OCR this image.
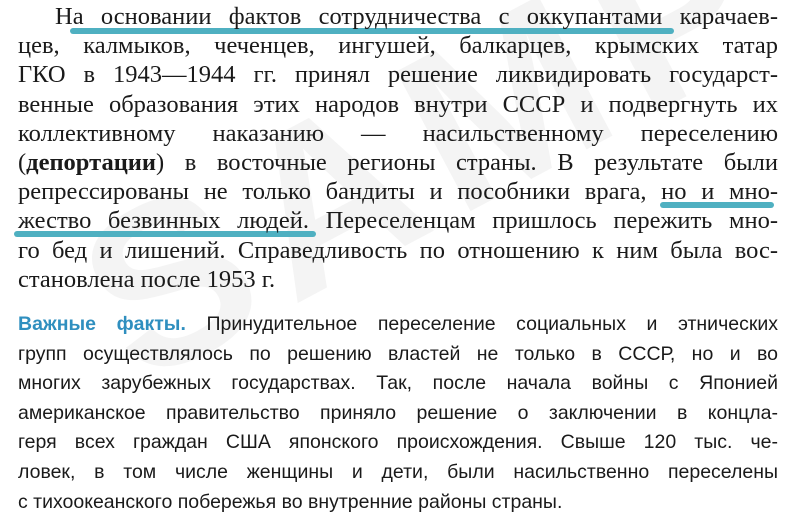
На основании фактов сотрудничества с оккупантами карачаев-
цев, калмыков, чеченцев, ингушей, балкарцев, крымских татар
ГКО в 1943—1944 гг. принял решение ликвидировать государст-
венные образования этих народов внутри СССР и подвергнуть их
коллективному наказанию — насильственному переселению
(депортации) в восточные регионы страны. В результате были
репрессированы не только бандиты и пособники врага, но и мно-
жество безвинных людей. Переселенцам пришлось пережить мно-
го бед и лишений. Справедливость по отношению к ним была вос-
становлена после 1953 г.
Важные факты. Принудительное переселение социальных и этнических
групп осуществлялось по решению властей не только в СССР, но и во
многих зарубежных государствах. Так, после начала войны с Японией
американское правительство приняло решение о заключении в концла-
геря всех граждан США японского происхождения. Свыше 120 тыс. че-
ловек, в том числе женщины и дети, были насильственно переселены
с тихоокеанского побережья во внутренние районы страны.
